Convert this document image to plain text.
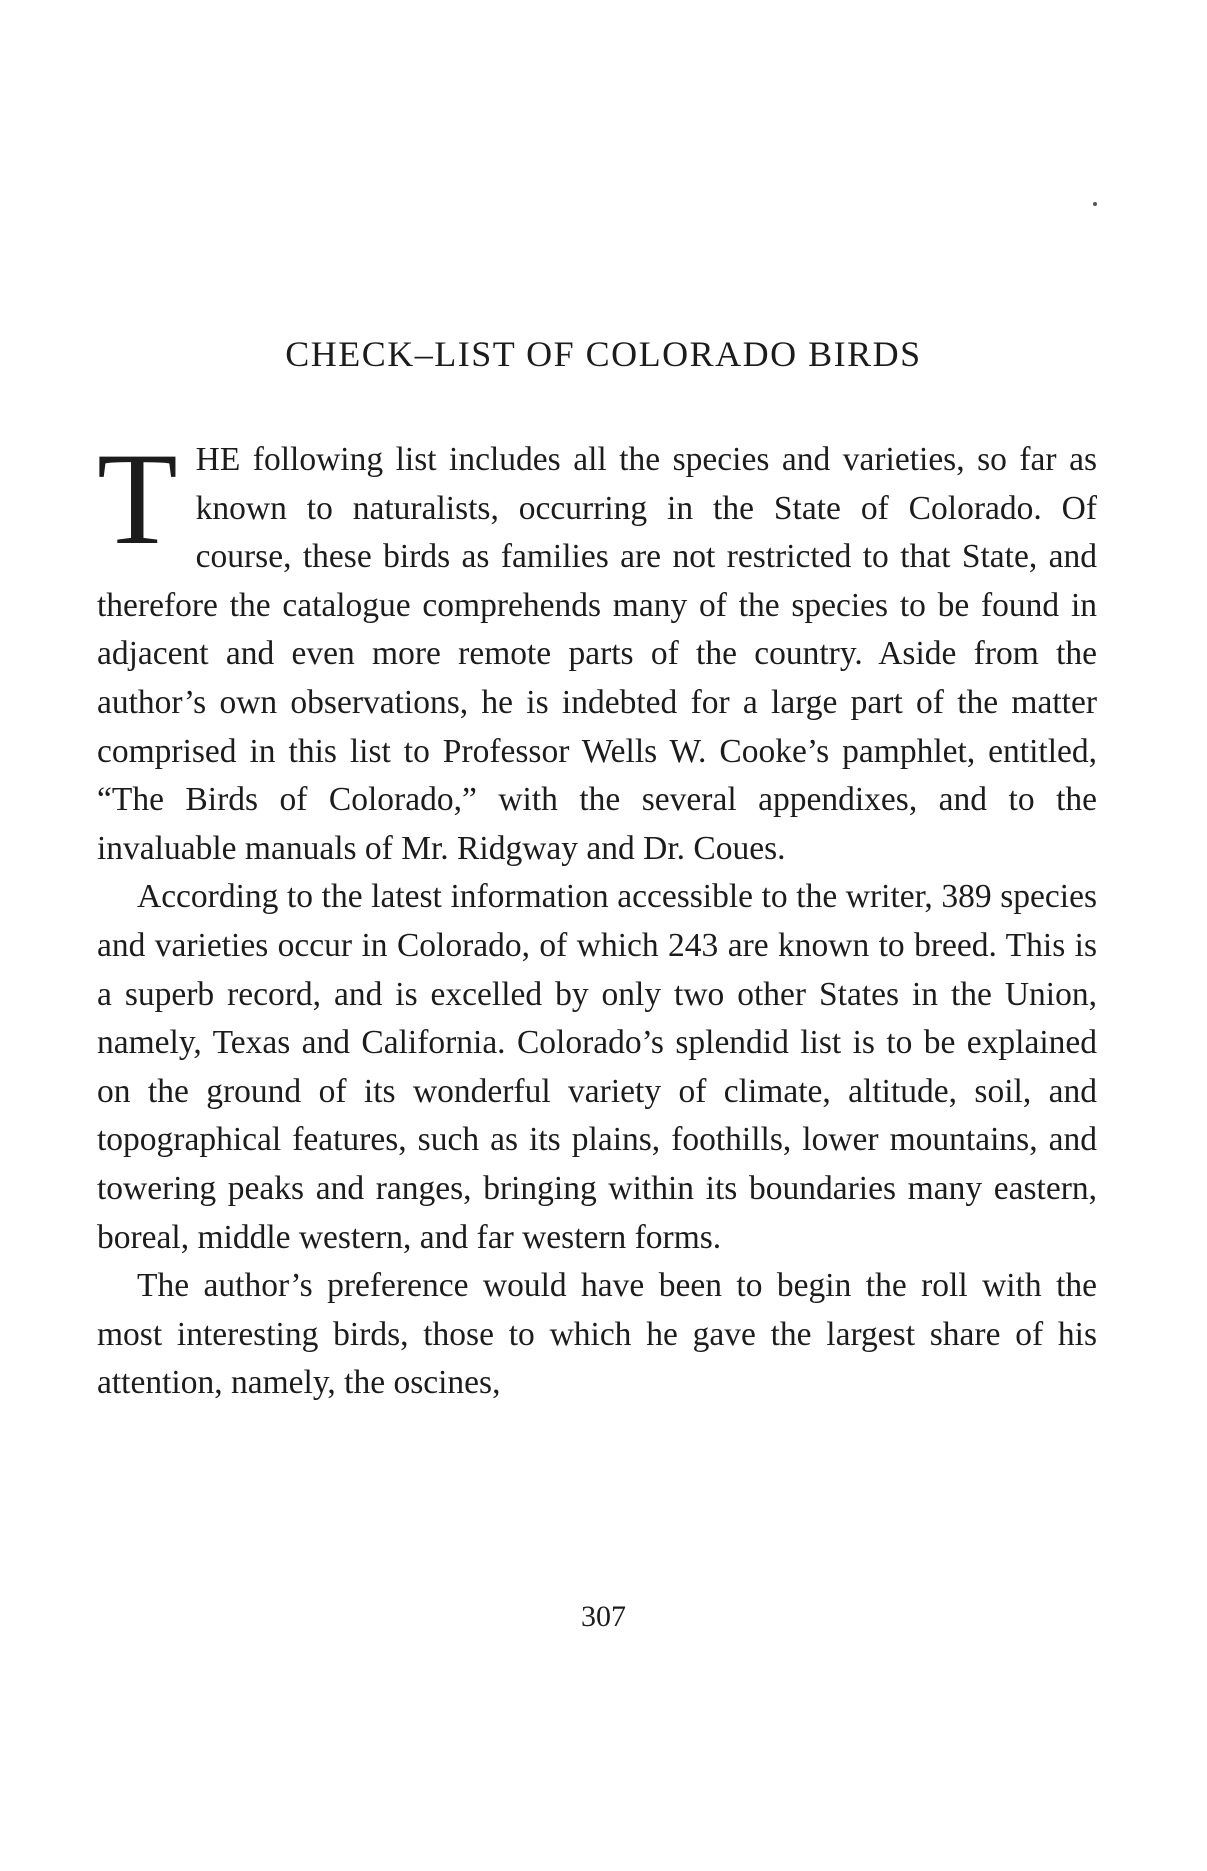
CHECK–LIST OF COLORADO BIRDS

THE following list includes all the species and varieties, so far as known to naturalists, occurring in the State of Colorado. Of course, these birds as families are not restricted to that State, and therefore the catalogue comprehends many of the species to be found in adjacent and even more remote parts of the country. Aside from the author’s own observations, he is indebted for a large part of the matter comprised in this list to Professor Wells W. Cooke’s pamphlet, entitled, “The Birds of Colorado,” with the several appendixes, and to the invaluable manuals of Mr. Ridgway and Dr. Coues.

According to the latest information accessible to the writer, 389 species and varieties occur in Colorado, of which 243 are known to breed. This is a superb record, and is excelled by only two other States in the Union, namely, Texas and California. Colorado’s splendid list is to be explained on the ground of its wonderful variety of climate, altitude, soil, and topographical features, such as its plains, foothills, lower mountains, and towering peaks and ranges, bringing within its boundaries many eastern, boreal, middle western, and far western forms.

The author’s preference would have been to begin the roll with the most interesting birds, those to which he gave the largest share of his attention, namely, the oscines,

307
